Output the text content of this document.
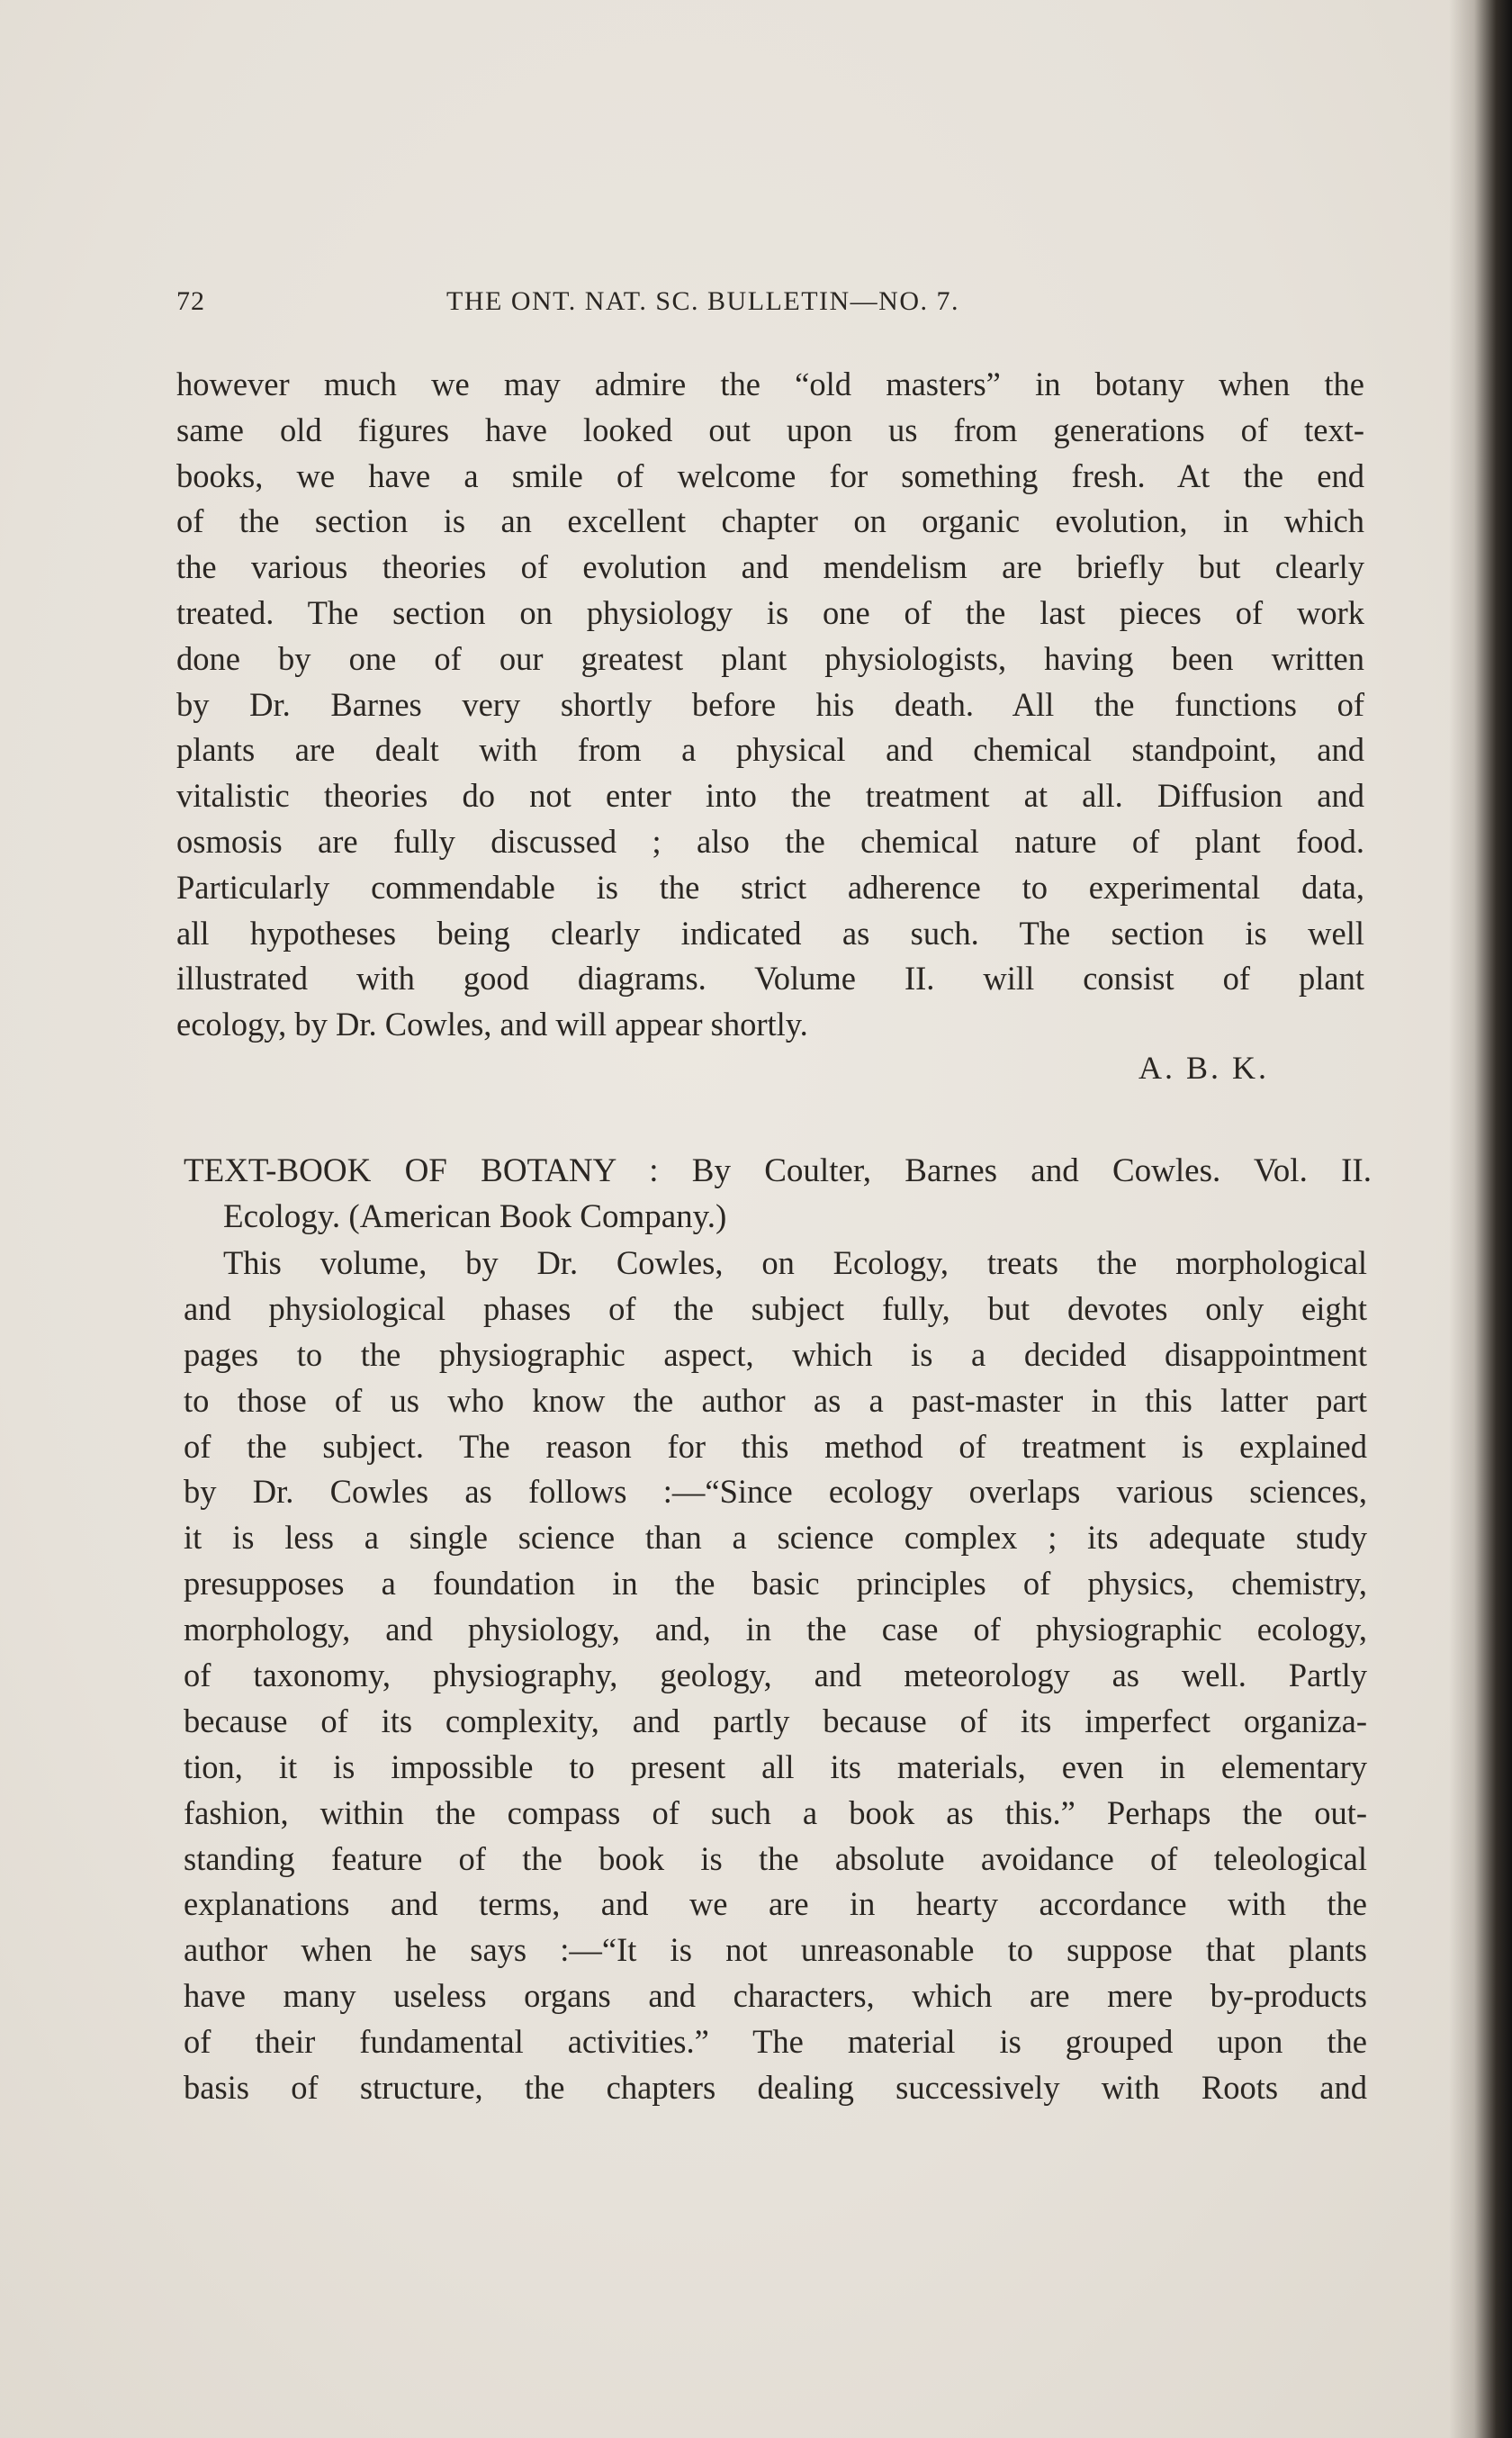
72	THE ONT. NAT. SC. BULLETIN—NO. 7.
however much we may admire the “old masters” in botany when the
same old figures have looked out upon us from generations of text-
books, we have a smile of welcome for something fresh. At the end
of the section is an excellent chapter on organic evolution, in which
the various theories of evolution and mendelism are briefly but clearly
treated. The section on physiology is one of the last pieces of work
done by one of our greatest plant physiologists, having been written
by Dr. Barnes very shortly before his death. All the functions of
plants are dealt with from a physical and chemical standpoint, and
vitalistic theories do not enter into the treatment at all. Diffusion and
osmosis are fully discussed ; also the chemical nature of plant food.
Particularly commendable is the strict adherence to experimental data,
all hypotheses being clearly indicated as such. The section is well
illustrated with good diagrams. Volume II. will consist of plant
ecology, by Dr. Cowles, and will appear shortly.
A. B. K.
TEXT-BOOK OF BOTANY : By Coulter, Barnes and Cowles. Vol. II.
Ecology. (American Book Company.)
This volume, by Dr. Cowles, on Ecology, treats the morphological
and physiological phases of the subject fully, but devotes only eight
pages to the physiographic aspect, which is a decided disappointment
to those of us who know the author as a past-master in this latter part
of the subject. The reason for this method of treatment is explained
by Dr. Cowles as follows :—“Since ecology overlaps various sciences,
it is less a single science than a science complex ; its adequate study
presupposes a foundation in the basic principles of physics, chemistry,
morphology, and physiology, and, in the case of physiographic ecology,
of taxonomy, physiography, geology, and meteorology as well. Partly
because of its complexity, and partly because of its imperfect organiza-
tion, it is impossible to present all its materials, even in elementary
fashion, within the compass of such a book as this.” Perhaps the out-
standing feature of the book is the absolute avoidance of teleological
explanations and terms, and we are in hearty accordance with the
author when he says :—“It is not unreasonable to suppose that plants
have many useless organs and characters, which are mere by-products
of their fundamental activities.” The material is grouped upon the
basis of structure, the chapters dealing successively with Roots and
